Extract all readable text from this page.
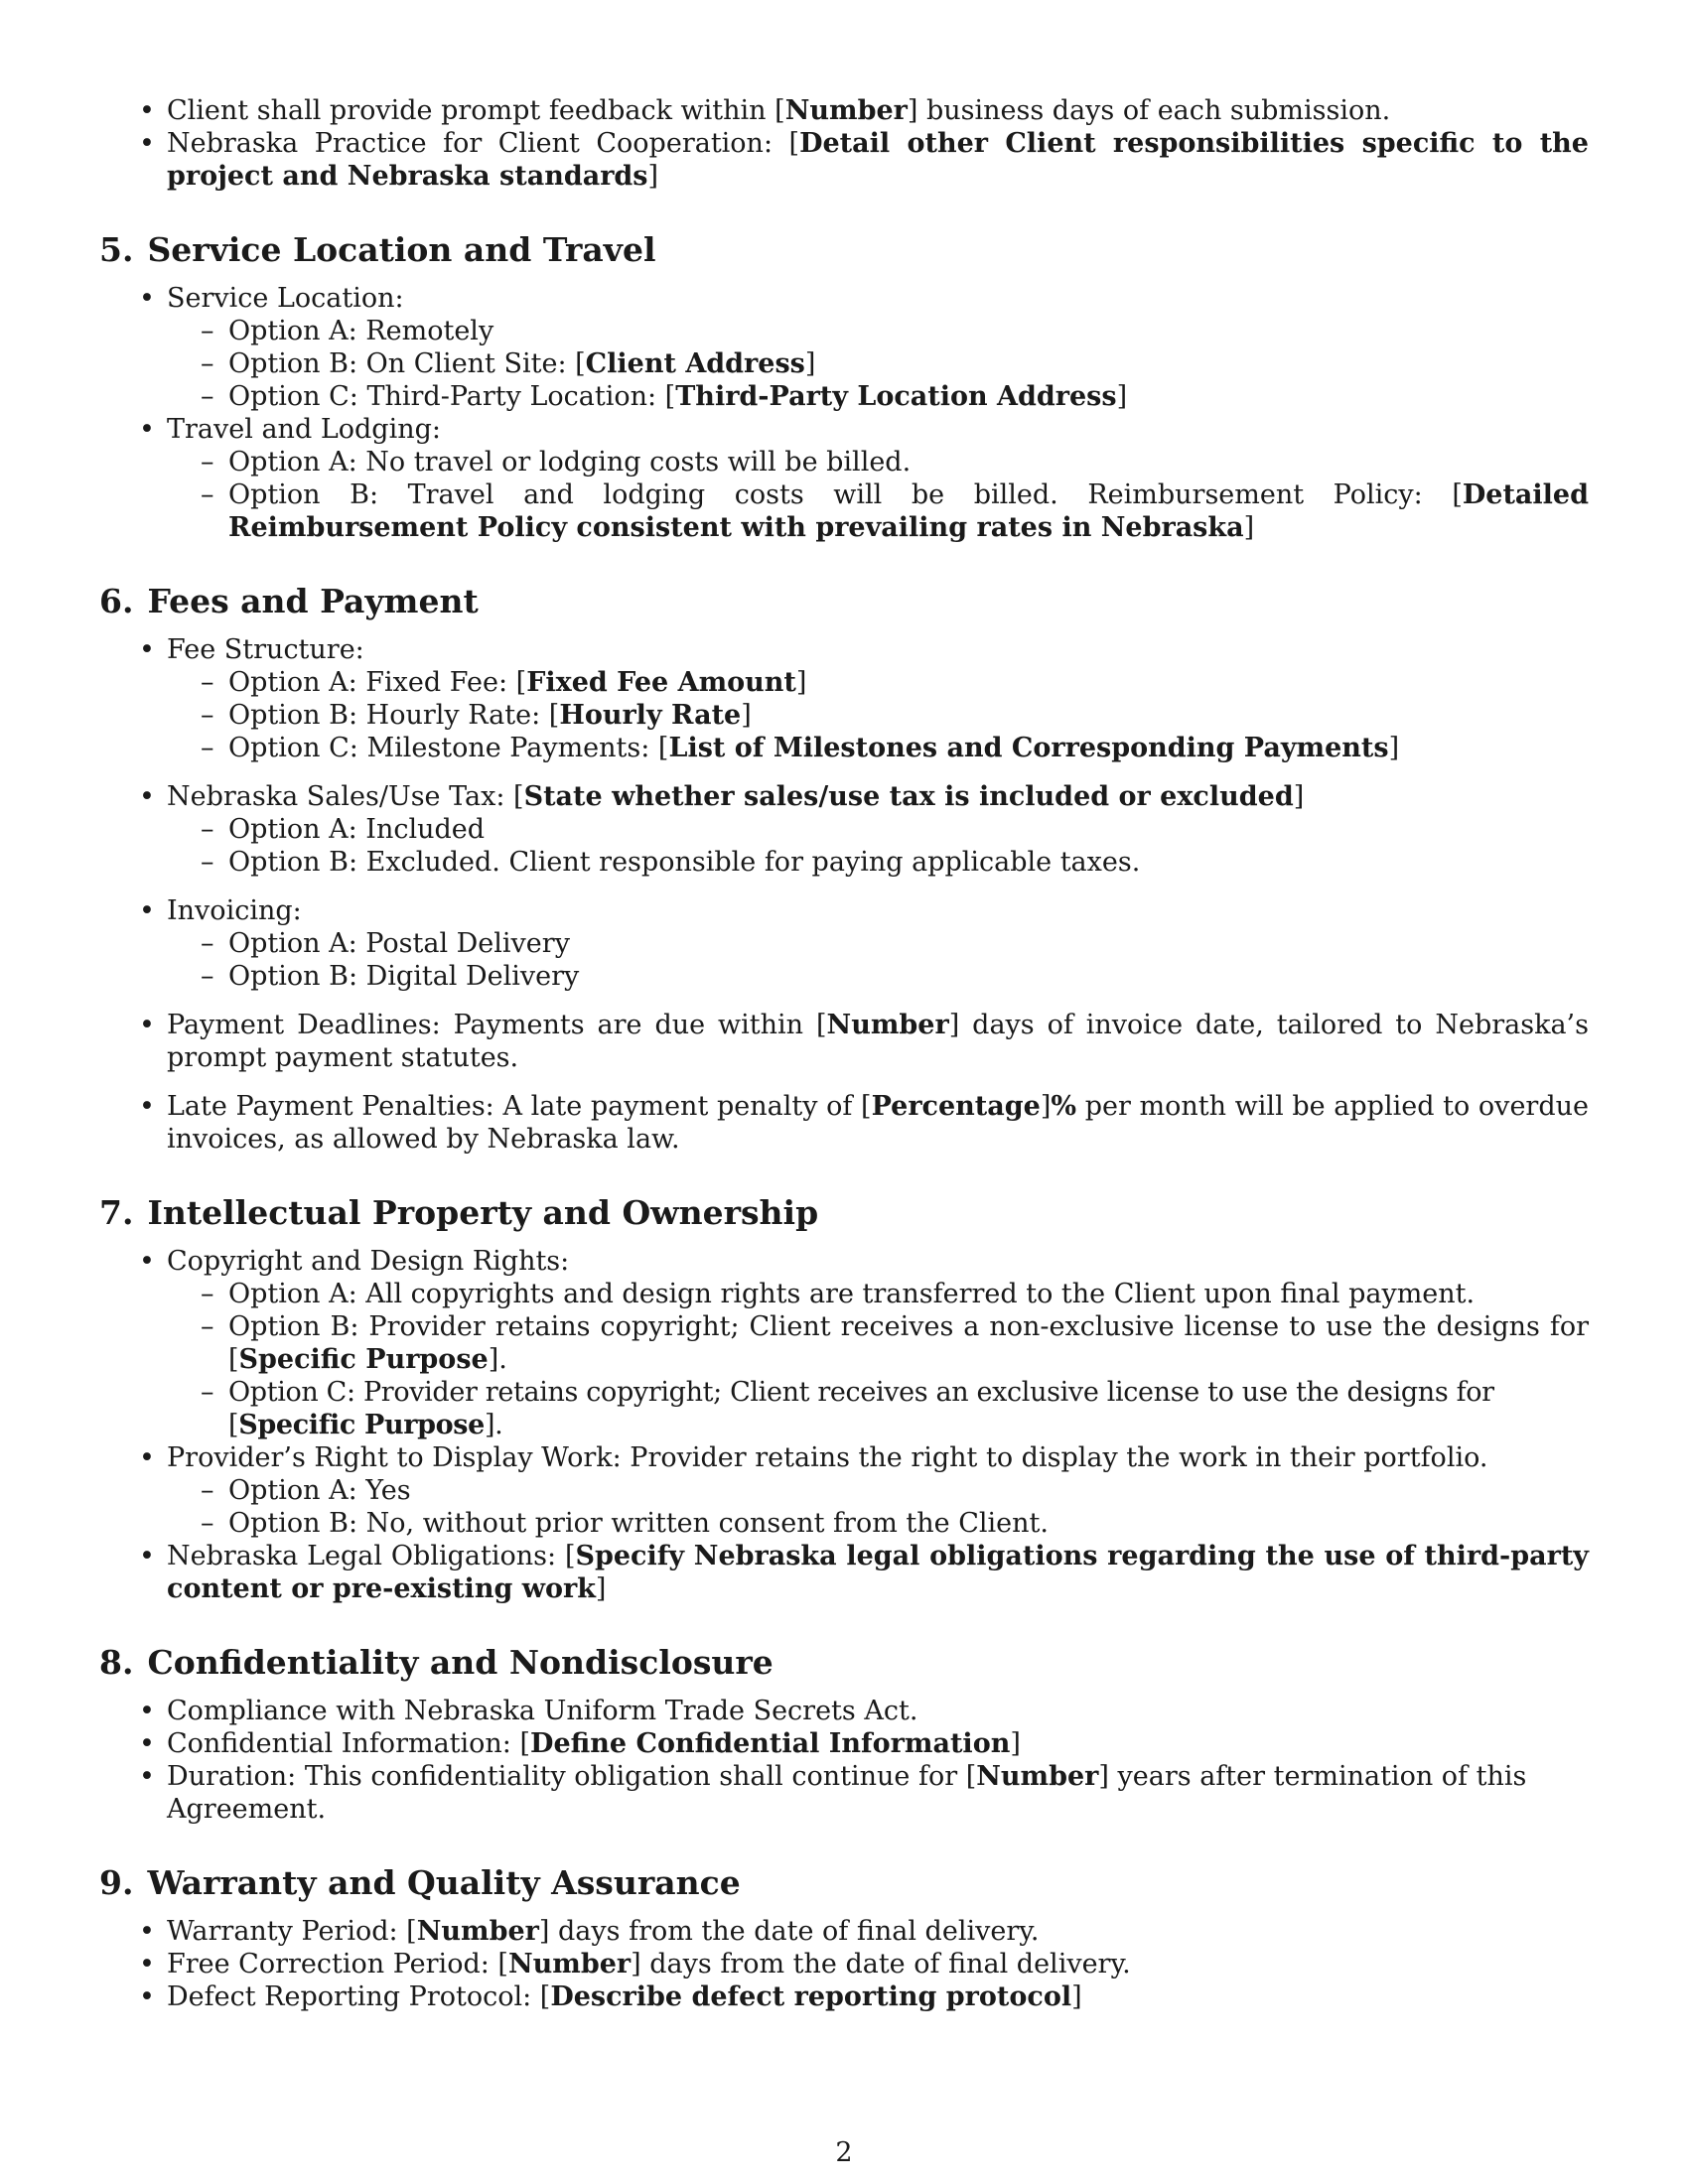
• Client shall provide prompt feedback within [Number] business days of each submission.
• Nebraska Practice for Client Cooperation: [Detail other Client responsibilities specific to the project and Nebraska standards]
5. Service Location and Travel
• Service Location:
– Option A: Remotely
– Option B: On Client Site: [Client Address]
– Option C: Third-Party Location: [Third-Party Location Address]
• Travel and Lodging:
– Option A: No travel or lodging costs will be billed.
– Option B: Travel and lodging costs will be billed. Reimbursement Policy: [Detailed Reimbursement Policy consistent with prevailing rates in Nebraska]
6. Fees and Payment
• Fee Structure:
– Option A: Fixed Fee: [Fixed Fee Amount]
– Option B: Hourly Rate: [Hourly Rate]
– Option C: Milestone Payments: [List of Milestones and Corresponding Payments]
• Nebraska Sales/Use Tax: [State whether sales/use tax is included or excluded]
– Option A: Included
– Option B: Excluded. Client responsible for paying applicable taxes.
• Invoicing:
– Option A: Postal Delivery
– Option B: Digital Delivery
• Payment Deadlines: Payments are due within [Number] days of invoice date, tailored to Nebraska’s prompt payment statutes.
• Late Payment Penalties: A late payment penalty of [Percentage]% per month will be applied to overdue invoices, as allowed by Nebraska law.
7. Intellectual Property and Ownership
• Copyright and Design Rights:
– Option A: All copyrights and design rights are transferred to the Client upon final payment.
– Option B: Provider retains copyright; Client receives a non-exclusive license to use the designs for [Specific Purpose].
– Option C: Provider retains copyright; Client receives an exclusive license to use the designs for [Specific Purpose].
• Provider’s Right to Display Work: Provider retains the right to display the work in their portfolio.
– Option A: Yes
– Option B: No, without prior written consent from the Client.
• Nebraska Legal Obligations: [Specify Nebraska legal obligations regarding the use of third-party content or pre-existing work]
8. Confidentiality and Nondisclosure
• Compliance with Nebraska Uniform Trade Secrets Act.
• Confidential Information: [Define Confidential Information]
• Duration: This confidentiality obligation shall continue for [Number] years after termination of this Agreement.
9. Warranty and Quality Assurance
• Warranty Period: [Number] days from the date of final delivery.
• Free Correction Period: [Number] days from the date of final delivery.
• Defect Reporting Protocol: [Describe defect reporting protocol]
2
